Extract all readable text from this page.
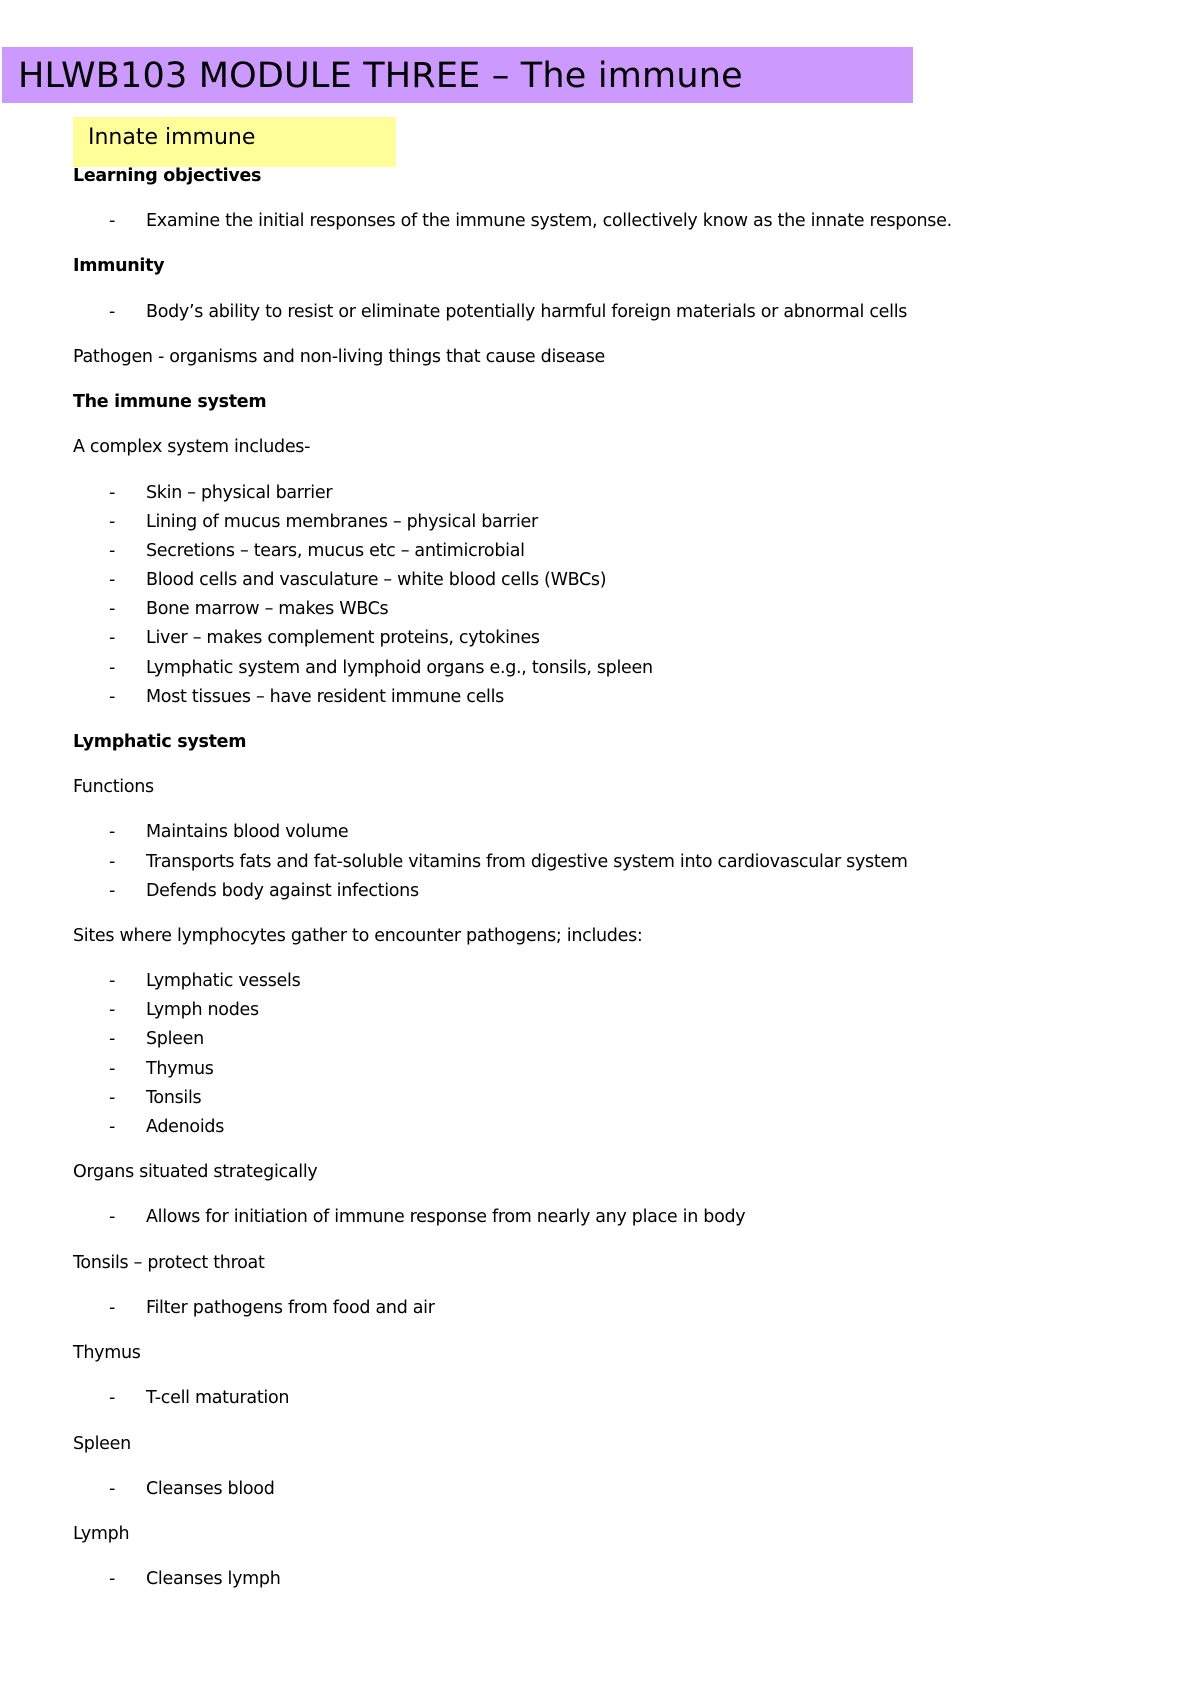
HLWB103 MODULE THREE – The immune
Innate immune
Learning objectives
-	Examine the initial responses of the immune system, collectively know as the innate response.
Immunity
-	Body’s ability to resist or eliminate potentially harmful foreign materials or abnormal cells
Pathogen - organisms and non-living things that cause disease
The immune system
A complex system includes-
-	Skin – physical barrier
-	Lining of mucus membranes – physical barrier
-	Secretions – tears, mucus etc – antimicrobial
-	Blood cells and vasculature – white blood cells (WBCs)
-	Bone marrow – makes WBCs
-	Liver – makes complement proteins, cytokines
-	Lymphatic system and lymphoid organs e.g., tonsils, spleen
-	Most tissues – have resident immune cells
Lymphatic system
Functions
-	Maintains blood volume
-	Transports fats and fat-soluble vitamins from digestive system into cardiovascular system
-	Defends body against infections
Sites where lymphocytes gather to encounter pathogens; includes:
-	Lymphatic vessels
-	Lymph nodes
-	Spleen
-	Thymus
-	Tonsils
-	Adenoids
Organs situated strategically
-	Allows for initiation of immune response from nearly any place in body
Tonsils – protect throat
-	Filter pathogens from food and air
Thymus
-	T-cell maturation
Spleen
-	Cleanses blood
Lymph
-	Cleanses lymph
